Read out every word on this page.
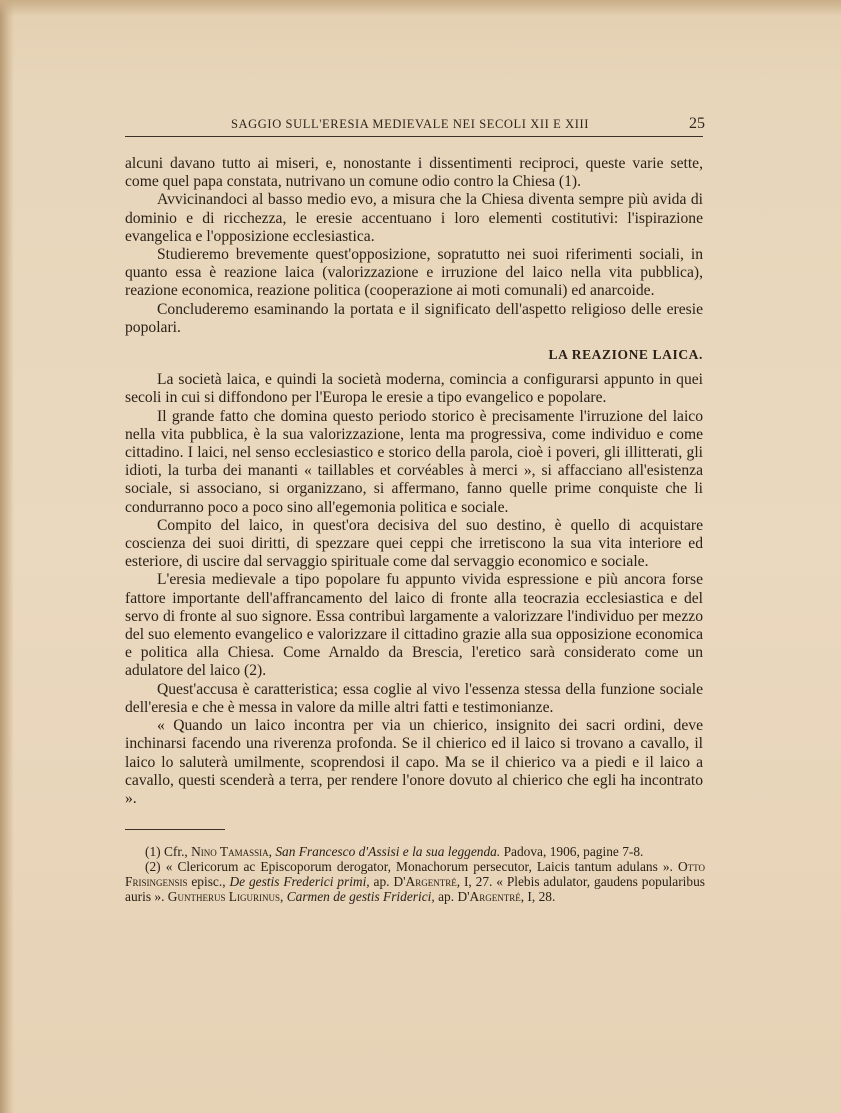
SAGGIO SULL'ERESIA MEDIEVALE NEI SECOLI XII E XIII	25

alcuni davano tutto ai miseri, e, nonostante i dissentimenti reciproci, queste varie sette, come quel papa constata, nutrivano un comune odio contro la Chiesa (1).

Avvicinandoci al basso medio evo, a misura che la Chiesa diventa sempre più avida di dominio e di ricchezza, le eresie accentuano i loro elementi costitutivi: l'ispirazione evangelica e l'opposizione ecclesiastica.

Studieremo brevemente quest'opposizione, sopratutto nei suoi riferimenti sociali, in quanto essa è reazione laica (valorizzazione e irruzione del laico nella vita pubblica), reazione economica, reazione politica (cooperazione ai moti comunali) ed anarcoide.

Concluderemo esaminando la portata e il significato dell'aspetto religioso delle eresie popolari.

LA REAZIONE LAICA.

La società laica, e quindi la società moderna, comincia a configurarsi appunto in quei secoli in cui si diffondono per l'Europa le eresie a tipo evangelico e popolare.

Il grande fatto che domina questo periodo storico è precisamente l'irruzione del laico nella vita pubblica, è la sua valorizzazione, lenta ma progressiva, come individuo e come cittadino. I laici, nel senso ecclesiastico e storico della parola, cioè i poveri, gli illitterati, gli idioti, la turba dei mananti « taillables et corvéables à merci », si affacciano all'esistenza sociale, si associano, si organizzano, si affermano, fanno quelle prime conquiste che li condurranno poco a poco sino all'egemonia politica e sociale.

Compito del laico, in quest'ora decisiva del suo destino, è quello di acquistare coscienza dei suoi diritti, di spezzare quei ceppi che irretiscono la sua vita interiore ed esteriore, di uscire dal servaggio spirituale come dal servaggio economico e sociale.

L'eresia medievale a tipo popolare fu appunto vivida espressione e più ancora forse fattore importante dell'affrancamento del laico di fronte alla teocrazia ecclesiastica e del servo di fronte al suo signore. Essa contribuì largamente a valorizzare l'individuo per mezzo del suo elemento evangelico e valorizzare il cittadino grazie alla sua opposizione economica e politica alla Chiesa. Come Arnaldo da Brescia, l'eretico sarà considerato come un adulatore del laico (2).

Quest'accusa è caratteristica; essa coglie al vivo l'essenza stessa della funzione sociale dell'eresia e che è messa in valore da mille altri fatti e testimonianze.

« Quando un laico incontra per via un chierico, insignito dei sacri ordini, deve inchinarsi facendo una riverenza profonda. Se il chierico ed il laico si trovano a cavallo, il laico lo saluterà umilmente, scoprendosi il capo. Ma se il chierico va a piedi e il laico a cavallo, questi scenderà a terra, per rendere l'onore dovuto al chierico che egli ha incontrato ».

(1) Cfr., Nino Tamassia, San Francesco d'Assisi e la sua leggenda. Padova, 1906, pagine 7-8.

(2) « Clericorum ac Episcoporum derogator, Monachorum persecutor, Laicis tantum adulans ». Otto Frisingensis episc., De gestis Frederici primi, ap. D'Argentré, I, 27. « Plebis adulator, gaudens popularibus auris ». Guntherus Ligurinus, Carmen de gestis Friderici, ap. D'Argentré, I, 28.
